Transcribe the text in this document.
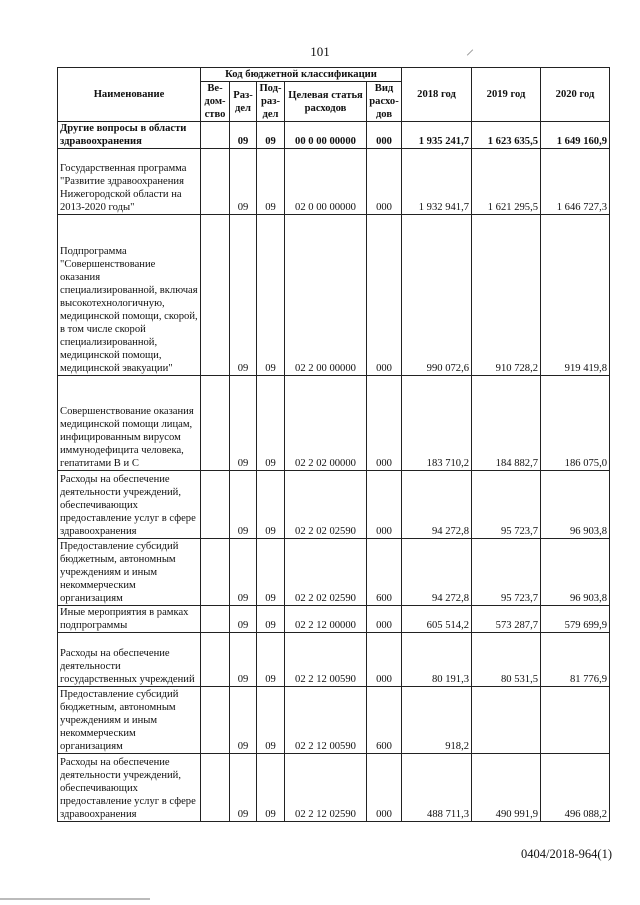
101
Наименование	Код бюджетной классификации					2018 год	2019 год	2020 год
	Ве-дом-ство	Раз-дел	Под-раз-дел	Целевая статья расходов	Вид расхо-дов			
Другие вопросы в области здравоохранения		09	09	00 0 00 00000	000	1 935 241,7	1 623 635,5	1 649 160,9
Государственная программа "Развитие здравоохранения Нижегородской области на 2013-2020 годы"		09	09	02 0 00 00000	000	1 932 941,7	1 621 295,5	1 646 727,3
Подпрограмма "Совершенствование оказания специализированной, включая высокотехнологичную, медицинской помощи, скорой, в том числе скорой специализированной, медицинской помощи, медицинской эвакуации"		09	09	02 2 00 00000	000	990 072,6	910 728,2	919 419,8
Совершенствование оказания медицинской помощи лицам, инфицированным вирусом иммунодефицита человека, гепатитами В и С		09	09	02 2 02 00000	000	183 710,2	184 882,7	186 075,0
Расходы на обеспечение деятельности учреждений, обеспечивающих предоставление услуг в сфере здравоохранения		09	09	02 2 02 02590	000	94 272,8	95 723,7	96 903,8
Предоставление субсидий бюджетным, автономным учреждениям и иным некоммерческим организациям		09	09	02 2 02 02590	600	94 272,8	95 723,7	96 903,8
Иные мероприятия в рамках подпрограммы		09	09	02 2 12 00000	000	605 514,2	573 287,7	579 699,9
Расходы на обеспечение деятельности государственных учреждений		09	09	02 2 12 00590	000	80 191,3	80 531,5	81 776,9
Предоставление субсидий бюджетным, автономным учреждениям и иным некоммерческим организациям		09	09	02 2 12 00590	600	918,2		
Расходы на обеспечение деятельности учреждений, обеспечивающих предоставление услуг в сфере здравоохранения		09	09	02 2 12 02590	000	488 711,3	490 991,9	496 088,2
0404/2018-964(1)
